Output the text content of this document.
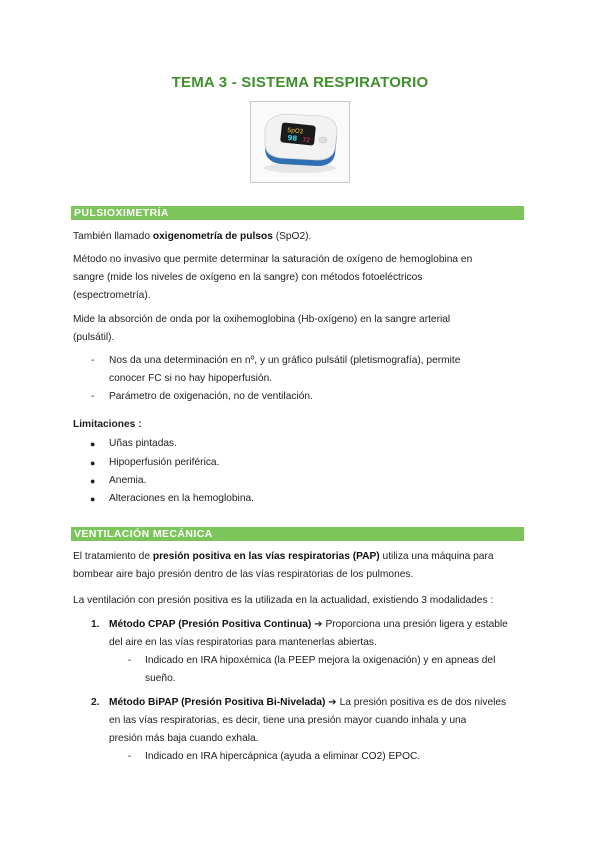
TEMA 3 - SISTEMA RESPIRATORIO
SpO2
98 72
PULSIOXIMETRÍA
También llamado oxigenometría de pulsos (SpO2).
Método no invasivo que permite determinar la saturación de oxígeno de hemoglobina en
sangre (mide los niveles de oxígeno en la sangre) con métodos fotoeléctricos
(espectrometría).
Mide la absorción de onda por la oxihemoglobina (Hb-oxígeno) en la sangre arterial
(pulsátil).
- Nos da una determinación en nº, y un gráfico pulsátil (pletismografía), permite
conocer FC si no hay hipoperfusión.
- Parámetro de oxigenación, no de ventilación.
Limitaciones :
● Uñas pintadas.
● Hipoperfusión periférica.
● Anemia.
● Alteraciones en la hemoglobina.
VENTILACIÓN MECÁNICA
El tratamiento de presión positiva en las vías respiratorias (PAP) utiliza una máquina para
bombear aire bajo presión dentro de las vías respiratorias de los pulmones.
La ventilación con presión positiva es la utilizada en la actualidad, existiendo 3 modalidades :
1. Método CPAP (Presión Positiva Continua) ➔ Proporciona una presión ligera y estable
del aire en las vías respiratorias para mantenerlas abiertas.
- Indicado en IRA hipoxémica (la PEEP mejora la oxigenación) y en apneas del
sueño.
2. Método BiPAP (Presión Positiva Bi-Nivelada) ➔ La presión positiva es de dos niveles
en las vías respiratorias, es decir, tiene una presión mayor cuando inhala y una
presión más baja cuando exhala.
- Indicado en IRA hipercápnica (ayuda a eliminar CO2) EPOC.
